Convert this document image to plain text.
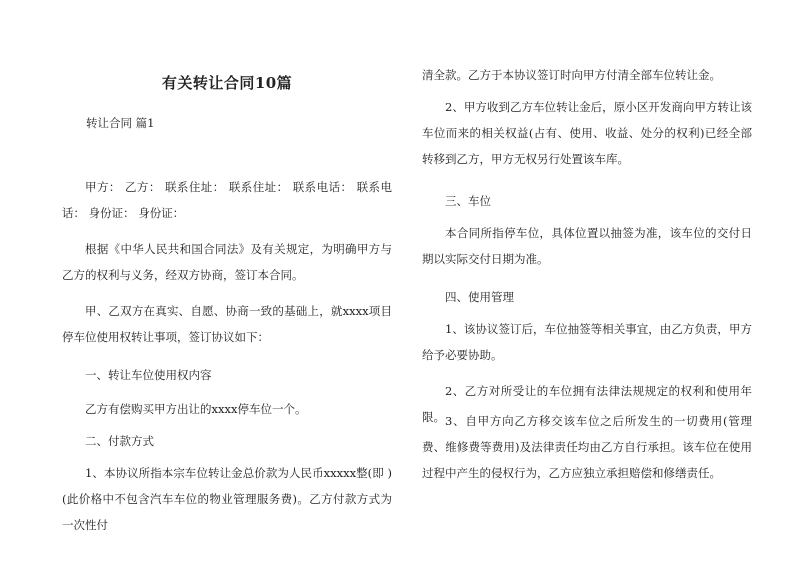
有关转让合同10篇
转让合同 篇1

甲方： 乙方： 联系住址： 联系住址： 联系电话： 联系电话： 身份证： 身份证：

根据《中华人民共和国合同法》及有关规定，为明确甲方与乙方的权利与义务，经双方协商，签订本合同。

甲、乙双方在真实、自愿、协商一致的基础上，就xxxx项目停车位使用权转让事项，签订协议如下：

一、转让车位使用权内容

乙方有偿购买甲方出让的xxxx停车位一个。

二、付款方式

1、本协议所指本宗车位转让金总价款为人民币xxxxx整(即 )(此价格中不包含汽车车位的物业管理服务费)。乙方付款方式为一次性付

清全款。乙方于本协议签订时向甲方付清全部车位转让金。

2、甲方收到乙方车位转让金后，原小区开发商向甲方转让该车位而来的相关权益(占有、使用、收益、处分的权利)已经全部转移到乙方，甲方无权另行处置该车库。

三、车位

本合同所指停车位，具体位置以抽签为准，该车位的交付日期以实际交付日期为准。

四、使用管理

1、该协议签订后，车位抽签等相关事宜，由乙方负责，甲方给予必要协助。

2、乙方对所受让的车位拥有法律法规规定的权利和使用年限。 3、自甲方向乙方移交该车位之后所发生的一切费用(管理费、维修费等费用)及法律责任均由乙方自行承担。该车位在使用过程中产生的侵权行为，乙方应独立承担赔偿和修缮责任。
